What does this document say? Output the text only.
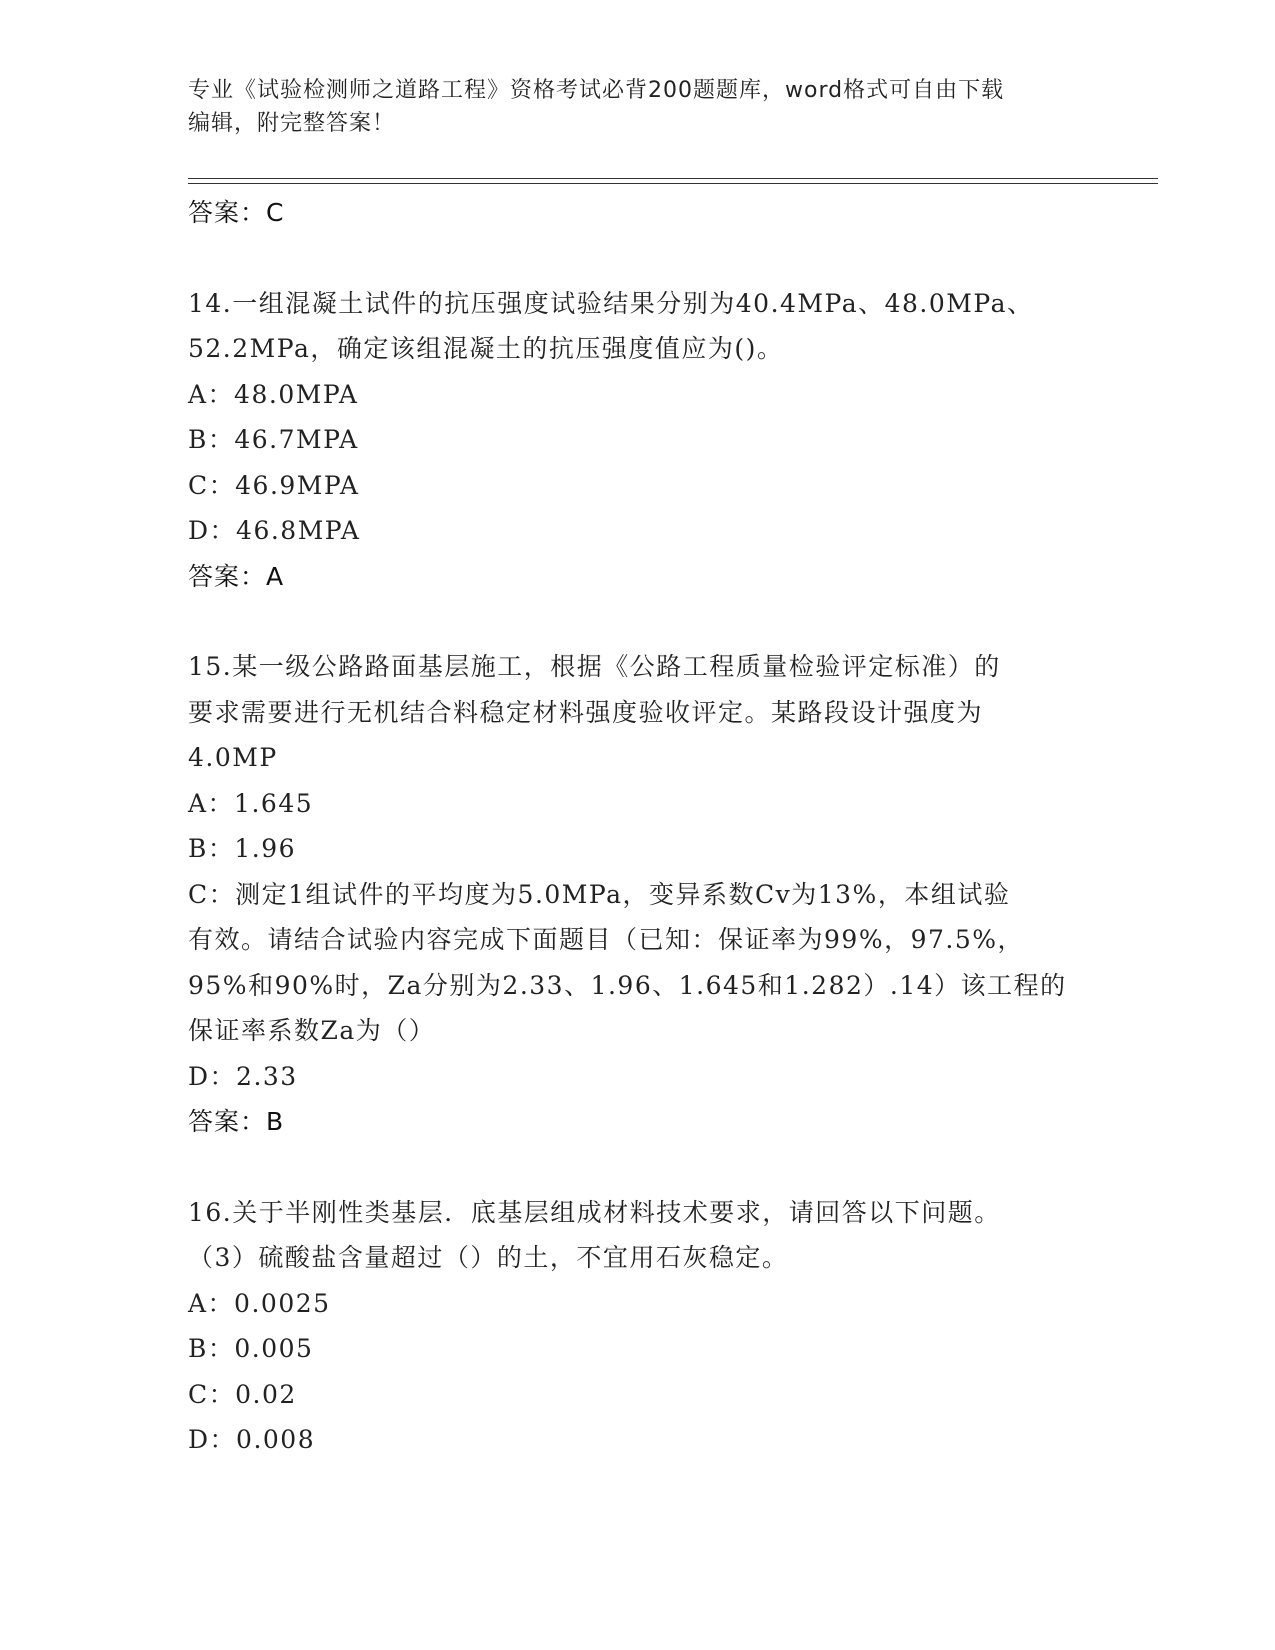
专业《试验检测师之道路工程》资格考试必背200题题库，word格式可自由下载
编辑，附完整答案！
答案：C
14.一组混凝土试件的抗压强度试验结果分别为40.4MPa、48.0MPa、
52.2MPa，确定该组混凝土的抗压强度值应为()。
A：48.0MPA
B：46.7MPA
C：46.9MPA
D：46.8MPA
答案：A
15.某一级公路路面基层施工，根据《公路工程质量检验评定标准）的
要求需要进行无机结合料稳定材料强度验收评定。某路段设计强度为
4.0MP
A：1.645
B：1.96
C：测定1组试件的平均度为5.0MPa，变异系数Cv为13%，本组试验
有效。请结合试验内容完成下面题目（已知：保证率为99%，97.5%，
95%和90%时，Za分别为2.33、1.96、1.645和1.282）.14）该工程的
保证率系数Za为（）
D：2.33
答案：B
16.关于半刚性类基层．底基层组成材料技术要求，请回答以下问题。
（3）硫酸盐含量超过（）的土，不宜用石灰稳定。
A：0.0025
B：0.005
C：0.02
D：0.008
